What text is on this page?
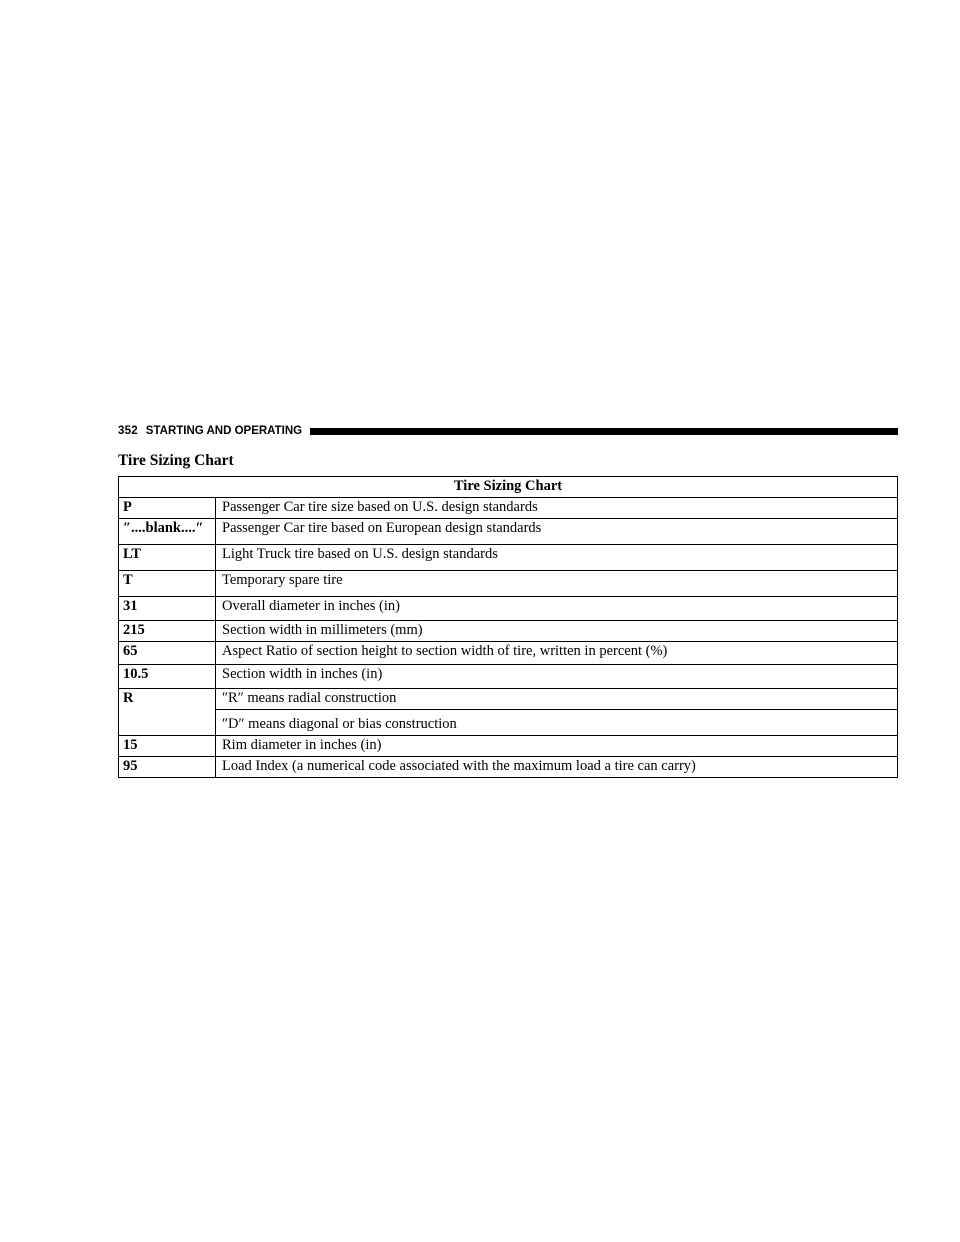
352 STARTING AND OPERATING
Tire Sizing Chart
Tire Sizing Chart	
P	Passenger Car tire size based on U.S. design standards
″....blank....″	Passenger Car tire based on European design standards
LT	Light Truck tire based on U.S. design standards
T	Temporary spare tire
31	Overall diameter in inches (in)
215	Section width in millimeters (mm)
65	Aspect Ratio of section height to section width of tire, written in percent (%)
10.5	Section width in inches (in)
R	″R″ means radial construction
″D″ means diagonal or bias construction

15	Rim diameter in inches (in)
95	Load Index (a numerical code associated with the maximum load a tire can carry)
